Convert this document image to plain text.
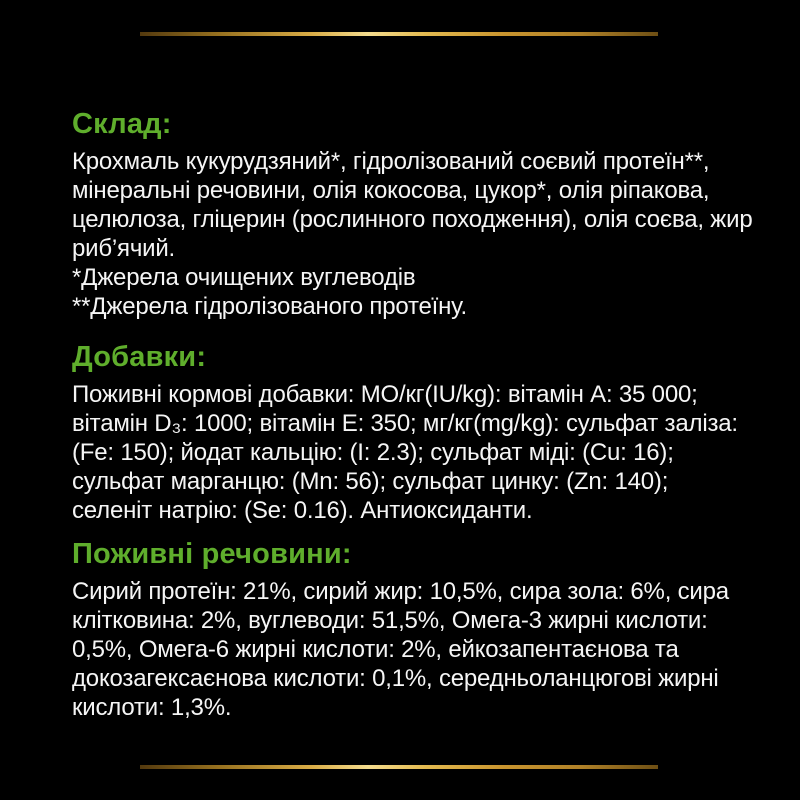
Склад:

Крохмаль кукурудзяний*, гідролізований соєвий протеїн**, мінеральні речовини, олія кокосова, цукор*, олія ріпакова, целюлоза, гліцерин (рослинного походження), олія соєва, жир риб’ячий.

*Джерела очищених вуглеводів

**Джерела гідролізованого протеїну.

Добавки:

Поживні кормові добавки: МО/кг(IU/kg): вітамін A: 35 000; вітамін D₃: 1000; вітамін E: 350; мг/кг(mg/kg): сульфат заліза: (Fe: 150); йодат кальцію: (I: 2.3); сульфат міді: (Cu: 16); сульфат марганцю: (Mn: 56); сульфат цинку: (Zn: 140); селеніт натрію: (Se: 0.16). Антиоксиданти.

Поживні речовини:

Сирий протеїн: 21%, сирий жир: 10,5%, сира зола: 6%, сира клітковина: 2%, вуглеводи: 51,5%, Омега-3 жирні кислоти: 0,5%, Омега-6 жирні кислоти: 2%, ейкозапентаєнова та докозагексаєнова кислоти: 0,1%, середньоланцюгові жирні кислоти: 1,3%.
